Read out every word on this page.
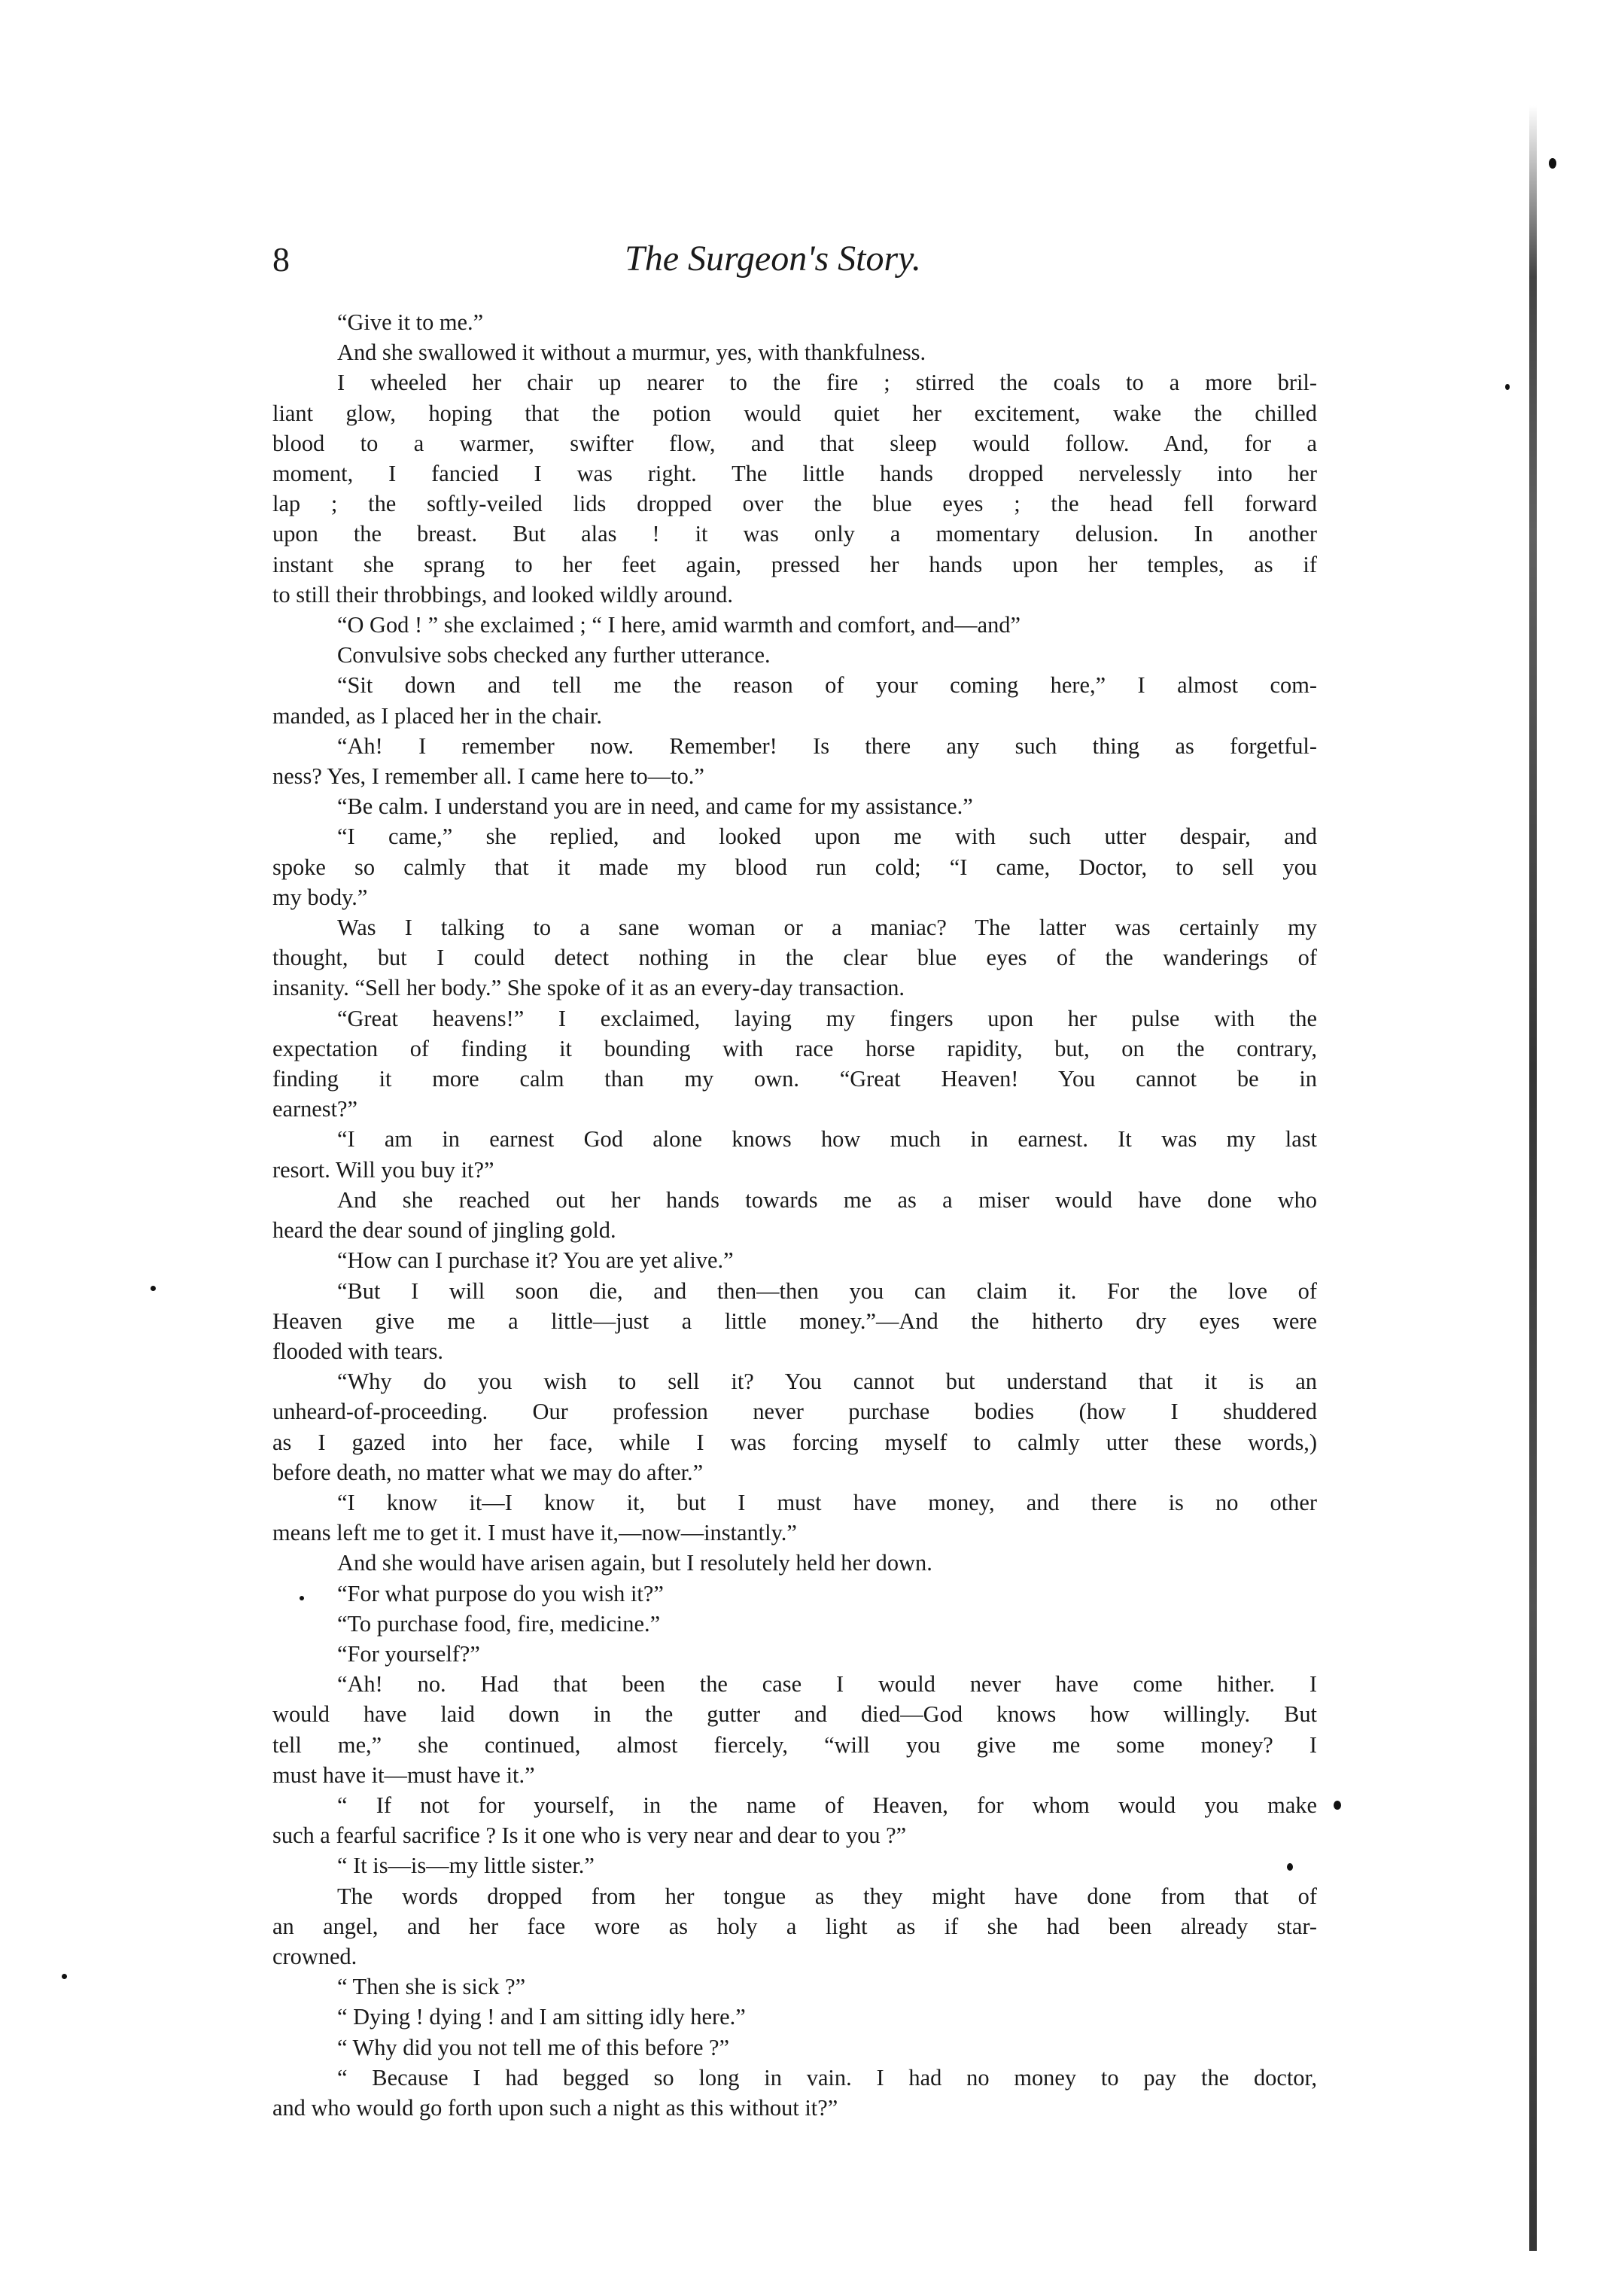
8	The Surgeon's Story.
“Give it to me.”
And she swallowed it without a murmur, yes, with thankfulness.
I wheeled her chair up nearer to the fire ; stirred the coals to a more bril-
liant glow, hoping that the potion would quiet her excitement, wake the chilled
blood to a warmer, swifter flow, and that sleep would follow. And, for a
moment, I fancied I was right. The little hands dropped nervelessly into her
lap ; the softly-veiled lids dropped over the blue eyes ; the head fell forward
upon the breast. But alas ! it was only a momentary delusion. In another
instant she sprang to her feet again, pressed her hands upon her temples, as if
to still their throbbings, and looked wildly around.
“O God ! ” she exclaimed ; “ I here, amid warmth and comfort, and—and”
Convulsive sobs checked any further utterance.
“Sit down and tell me the reason of your coming here,” I almost com-
manded, as I placed her in the chair.
“Ah! I remember now. Remember! Is there any such thing as forgetful-
ness? Yes, I remember all. I came here to—to.”
“Be calm. I understand you are in need, and came for my assistance.”
“I came,” she replied, and looked upon me with such utter despair, and
spoke so calmly that it made my blood run cold; “I came, Doctor, to sell you
my body.”
Was I talking to a sane woman or a maniac? The latter was certainly my
thought, but I could detect nothing in the clear blue eyes of the wanderings of
insanity. “Sell her body.” She spoke of it as an every-day transaction.
“Great heavens!” I exclaimed, laying my fingers upon her pulse with the
expectation of finding it bounding with race horse rapidity, but, on the contrary,
finding it more calm than my own. “Great Heaven! You cannot be in
earnest?”
“I am in earnest God alone knows how much in earnest. It was my last
resort. Will you buy it?”
And she reached out her hands towards me as a miser would have done who
heard the dear sound of jingling gold.
“How can I purchase it? You are yet alive.”
“But I will soon die, and then—then you can claim it. For the love of
Heaven give me a little—just a little money.”—And the hitherto dry eyes were
flooded with tears.
“Why do you wish to sell it? You cannot but understand that it is an
unheard-of-proceeding. Our profession never purchase bodies (how I shuddered
as I gazed into her face, while I was forcing myself to calmly utter these words,)
before death, no matter what we may do after.”
“I know it—I know it, but I must have money, and there is no other
means left me to get it. I must have it,—now—instantly.”
And she would have arisen again, but I resolutely held her down.
“For what purpose do you wish it?”
“To purchase food, fire, medicine.”
“For yourself?”
“Ah! no. Had that been the case I would never have come hither. I
would have laid down in the gutter and died—God knows how willingly. But
tell me,” she continued, almost fiercely, “will you give me some money? I
must have it—must have it.”
“ If not for yourself, in the name of Heaven, for whom would you make
such a fearful sacrifice ? Is it one who is very near and dear to you ?”
“ It is—is—my little sister.”
The words dropped from her tongue as they might have done from that of
an angel, and her face wore as holy a light as if she had been already star-
crowned.
“ Then she is sick ?”
“ Dying ! dying ! and I am sitting idly here.”
“ Why did you not tell me of this before ?”
“ Because I had begged so long in vain. I had no money to pay the doctor,
and who would go forth upon such a night as this without it?”
